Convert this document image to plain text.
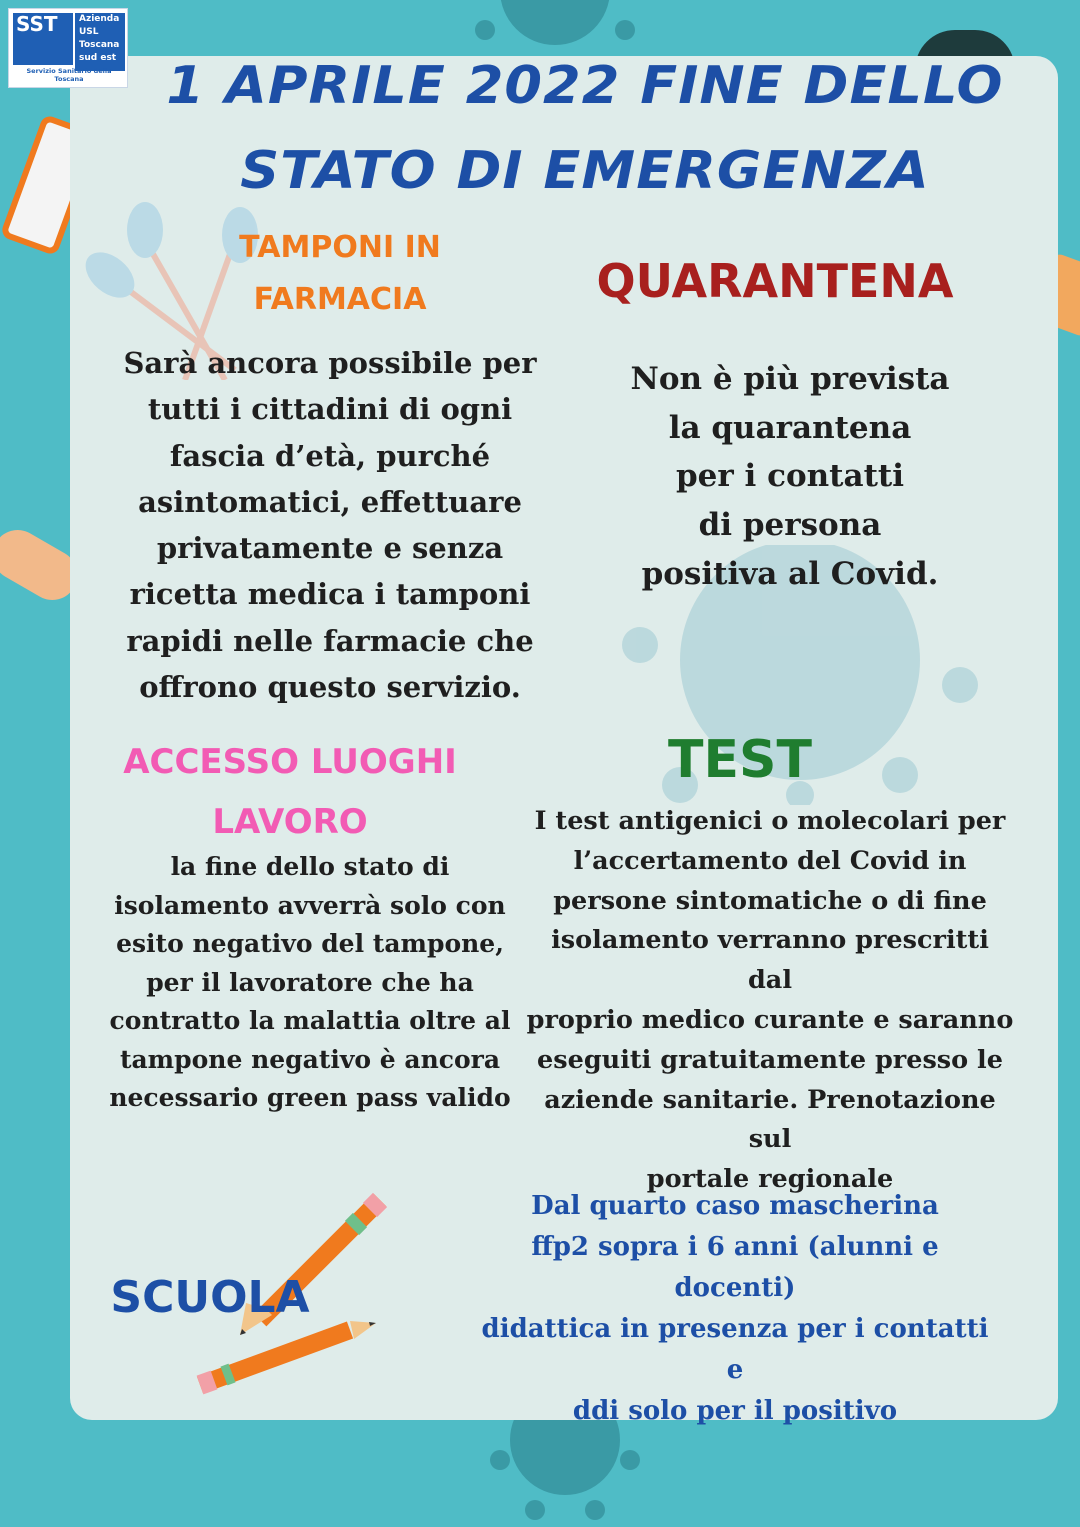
SST	Azienda
USL
Toscana
sud est
Servizio Sanitario della Toscana	1 APRILE 2022 FINE DELLO
STATO DI EMERGENZA
TAMPONI IN
FARMACIA
Sarà ancora possibile per
tutti i cittadini di ogni
fascia d’età, purché
asintomatici, effettuare
privatamente e senza
ricetta medica i tamponi
rapidi nelle farmacie che
offrono questo servizio.
QUARANTENA
Non è più prevista
la quarantena
per i contatti
di persona
positiva al Covid.
ACCESSO LUOGHI
LAVORO
la fine dello stato di
isolamento avverrà solo con
esito negativo del tampone,
per il lavoratore che ha
contratto la malattia oltre al
tampone negativo è ancora
necessario green pass valido
TEST
I test antigenici o molecolari per
l’accertamento del Covid in
persone sintomatiche o di fine
isolamento verranno prescritti dal
proprio medico curante e saranno
eseguiti gratuitamente presso le
aziende sanitarie. Prenotazione sul
portale regionale
SCUOLA
Dal quarto caso mascherina
ffp2 sopra i 6 anni (alunni e docenti)
didattica in presenza per i contatti
e
ddi solo per il positivo
